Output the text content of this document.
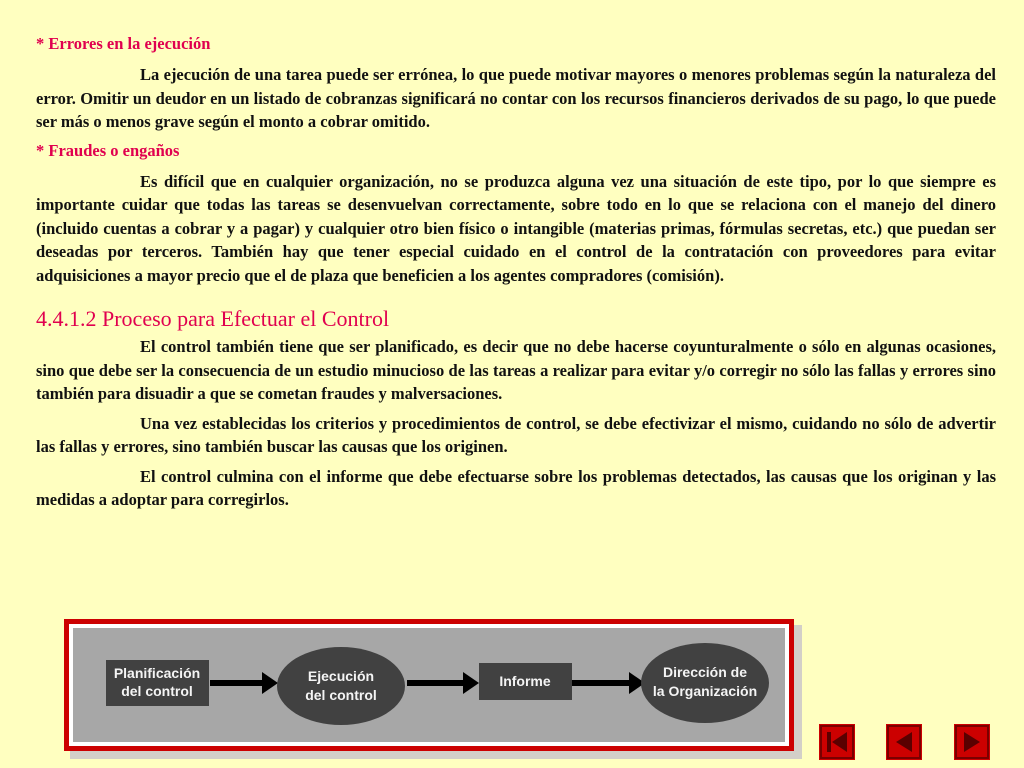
* Errores en la ejecución

La ejecución de una tarea puede ser errónea, lo que puede motivar mayores o menores problemas según la naturaleza del error. Omitir un deudor en un listado de cobranzas significará no contar con los recursos financieros derivados de su pago, lo que puede ser más o menos grave según el monto a cobrar omitido.

* Fraudes o engaños

Es difícil que en cualquier organización, no se produzca alguna vez una situación de este tipo, por lo que siempre es importante cuidar que todas las tareas se desenvuelvan correctamente, sobre todo en lo que se relaciona con el manejo del dinero (incluido cuentas a cobrar y a pagar) y cualquier otro bien físico o intangible (materias primas, fórmulas secretas, etc.) que puedan ser deseadas por terceros. También hay que tener especial cuidado en el control de la contratación con proveedores para evitar adquisiciones a mayor precio que el de plaza que beneficien a los agentes compradores (comisión).

4.4.1.2 Proceso para Efectuar el Control

El control también tiene que ser planificado, es decir que no debe hacerse coyunturalmente o sólo en algunas ocasiones, sino que debe ser la consecuencia de un estudio minucioso de las tareas a realizar para evitar y/o corregir no sólo las fallas y errores sino también para disuadir a que se cometan fraudes y malversaciones.

Una vez establecidas los criterios y procedimientos de control, se debe efectivizar el mismo, cuidando no sólo de advertir las fallas y errores, sino también buscar las causas que los originen.

El control culmina con el informe que debe efectuarse sobre los problemas detectados, las causas que los originan y las medidas a adoptar para corregirlos.

Planificación
del control
Ejecución
del control
Informe
Dirección de
la Organización
